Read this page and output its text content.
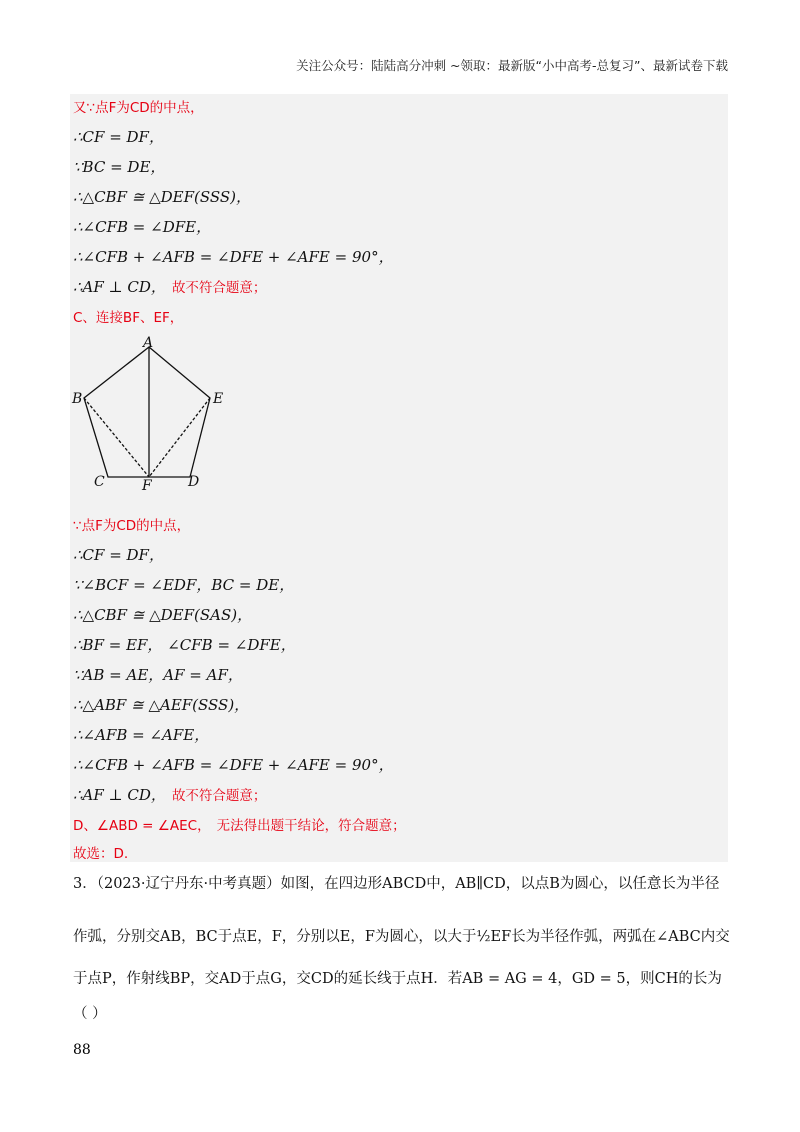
关注公众号：陆陆高分冲刺 ~领取：最新版“小中高考-总复习”、最新试卷下载
又∵点F为CD的中点，
∴CF = DF，
∵BC = DE，
∴△CBF ≅ △DEF(SSS)，
∴∠CFB = ∠DFE，
∴∠CFB + ∠AFB = ∠DFE + ∠AFE = 90°，
∴AF ⊥ CD， 故不符合题意；
C、连接BF、EF，
∵点F为CD的中点，
∴CF = DF，
∵∠BCF = ∠EDF，BC = DE，
∴△CBF ≅ △DEF(SAS)，
∴BF = EF， ∠CFB = ∠DFE，
∵AB = AE，AF = AF，
∴△ABF ≅ △AEF(SSS)，
∴∠AFB = ∠AFE，
∴∠CFB + ∠AFB = ∠DFE + ∠AFE = 90°，
∴AF ⊥ CD， 故不符合题意；
D、∠ABD = ∠AEC， 无法得出题干结论，符合题意；
故选：D.
A
B	E
C	F	D
3．（2023·辽宁丹东·中考真题）如图，在四边形ABCD中，AB∥CD，以点B为圆心，以任意长为半径
作弧，分别交AB，BC于点E，F，分别以E，F为圆心，以大于½EF长为半径作弧，两弧在∠ABC内交
于点P，作射线BP，交AD于点G，交CD的延长线于点H．若AB = AG = 4，GD = 5，则CH的长为
（ ）
88
